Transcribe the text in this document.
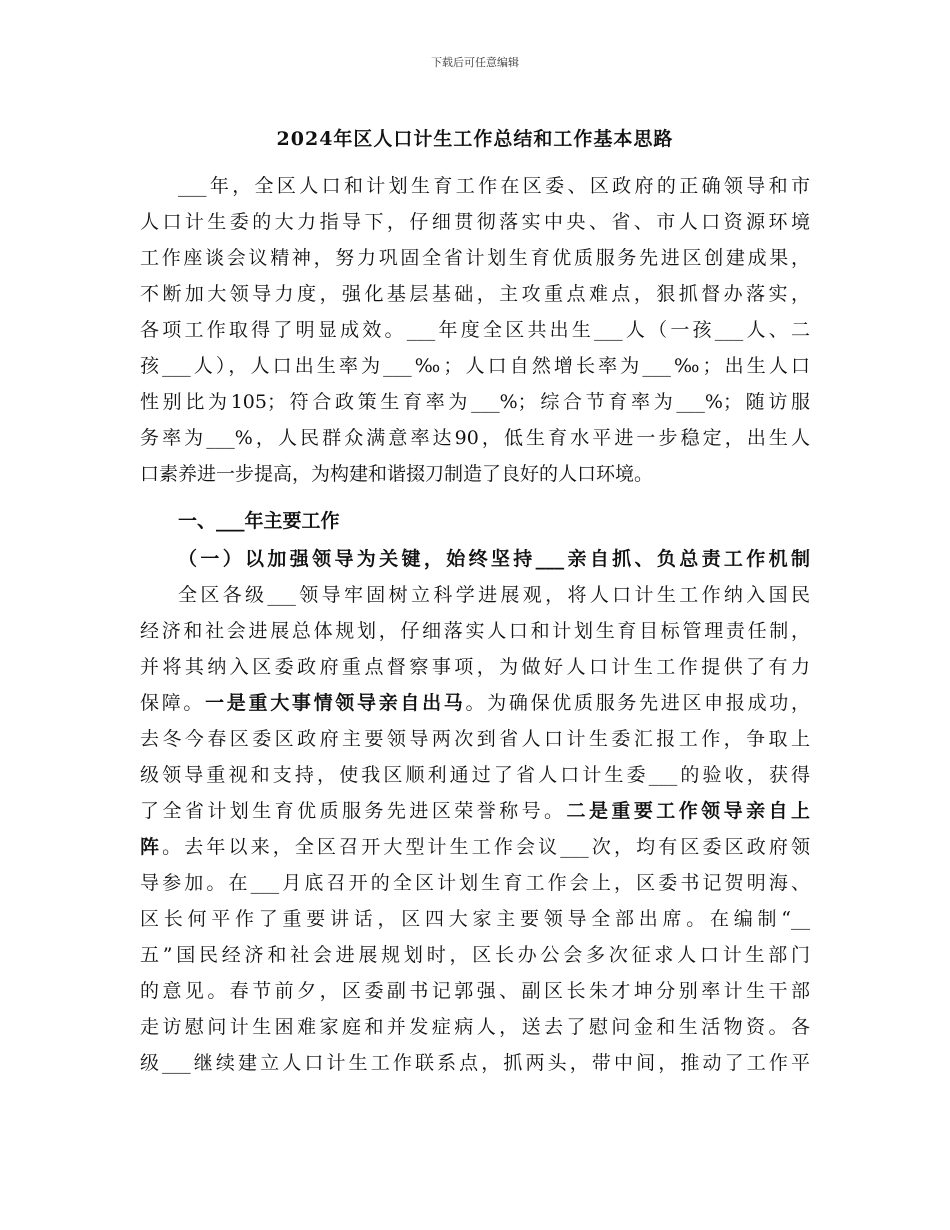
下载后可任意编辑
2024年区人口计生工作总结和工作基本思路
___年，全区人口和计划生育工作在区委、区政府的正确领导和市
人口计生委的大力指导下，仔细贯彻落实中央、省、市人口资源环境
工作座谈会议精神，努力巩固全省计划生育优质服务先进区创建成果，
不断加大领导力度，强化基层基础，主攻重点难点，狠抓督办落实，
各项工作取得了明显成效。___年度全区共出生___人（一孩___人、二
孩___人），人口出生率为___‰；人口自然增长率为___‰；出生人口
性别比为105；符合政策生育率为___%；综合节育率为___%；随访服
务率为___%，人民群众满意率达90，低生育水平进一步稳定，出生人
口素养进一步提高，为构建和谐掇刀制造了良好的人口环境。
一、___年主要工作
（一）以加强领导为关键，始终坚持___亲自抓、负总责工作机制
全区各级___领导牢固树立科学进展观，将人口计生工作纳入国民
经济和社会进展总体规划，仔细落实人口和计划生育目标管理责任制，
并将其纳入区委政府重点督察事项，为做好人口计生工作提供了有力
保障。一是重大事情领导亲自出马。为确保优质服务先进区申报成功，
去冬今春区委区政府主要领导两次到省人口计生委汇报工作，争取上
级领导重视和支持，使我区顺利通过了省人口计生委___的验收，获得
了全省计划生育优质服务先进区荣誉称号。二是重要工作领导亲自上
阵。去年以来，全区召开大型计生工作会议___次，均有区委区政府领
导参加。在___月底召开的全区计划生育工作会上，区委书记贺明海、
区长何平作了重要讲话，区四大家主要领导全部出席。在编制“__
五”国民经济和社会进展规划时，区长办公会多次征求人口计生部门
的意见。春节前夕，区委副书记郭强、副区长朱才坤分别率计生干部
走访慰问计生困难家庭和并发症病人，送去了慰问金和生活物资。各
级___继续建立人口计生工作联系点，抓两头，带中间，推动了工作平
